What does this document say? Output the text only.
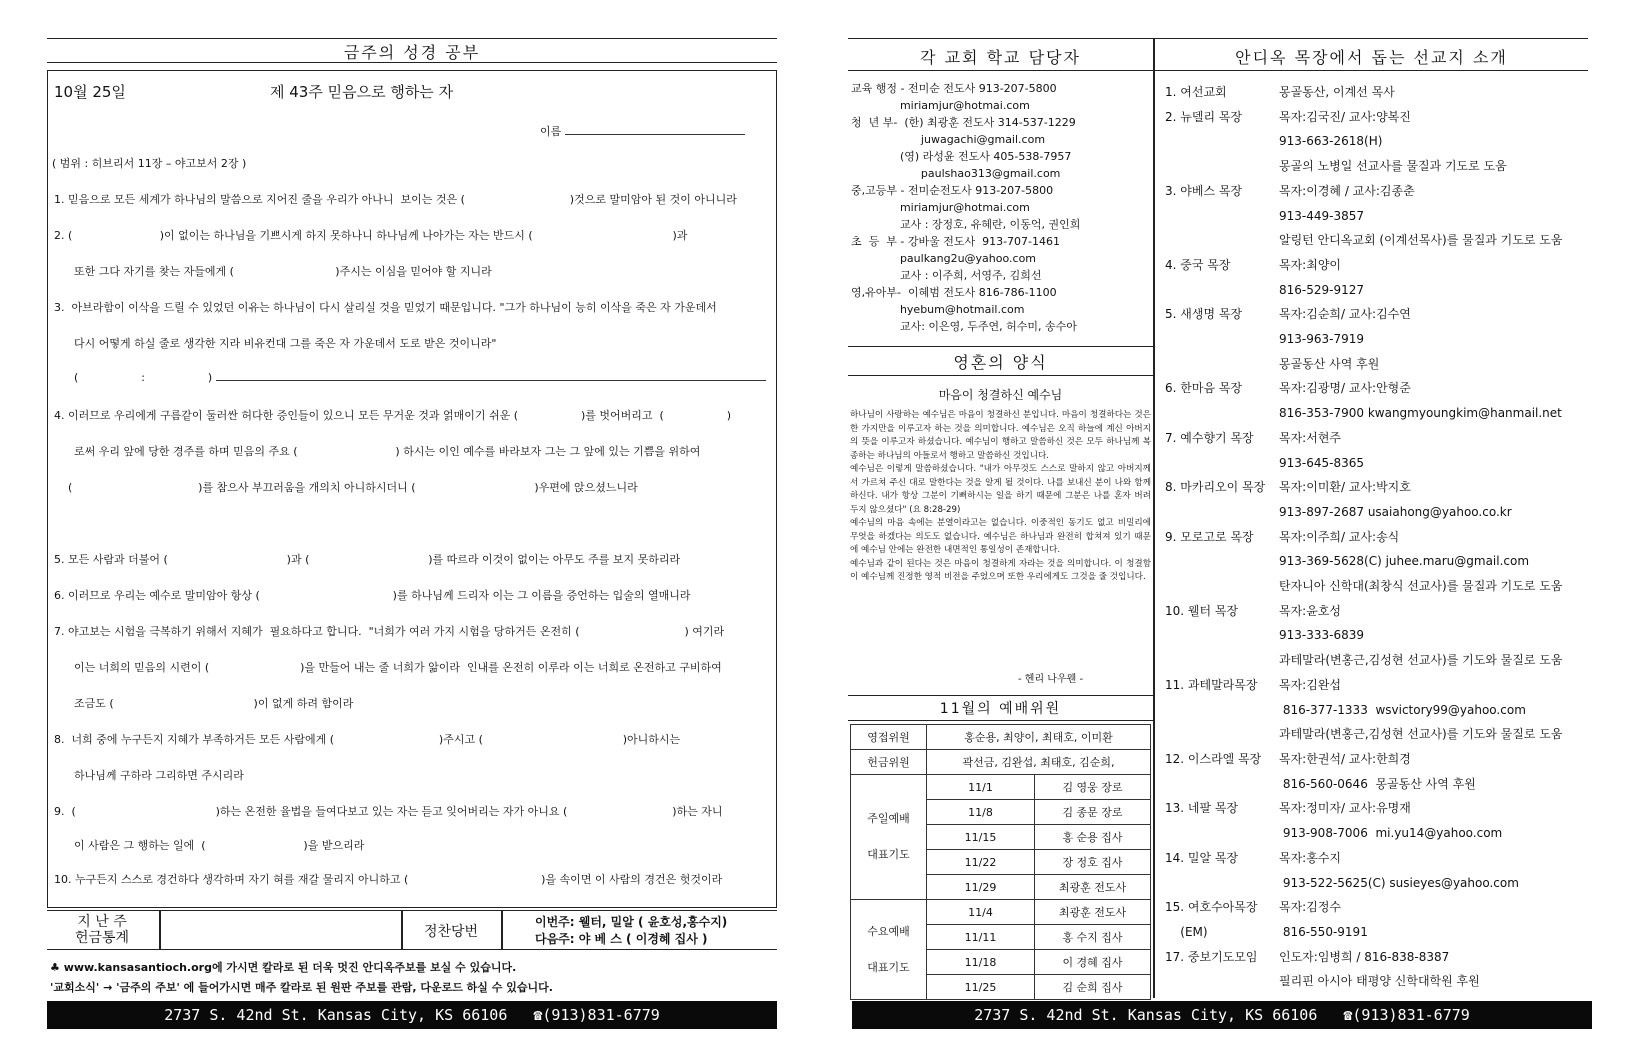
금주의 성경 공부
10월 25일	제 43주 믿음으로 행하는 자
이름
( 범위 : 히브리서 11장 – 야고보서 2장 )
1. 믿음으로 모든 세계가 하나님의 말씀으로 지어진 줄을 우리가 아나니  보이는 것은 (                              )것으로 말미암아 된 것이 아니니라
2. (                         )이 없이는 하나님을 기쁘시게 하지 못하나니 하나님께 나아가는 자는 반드시 (                                        )과
또한 그다 자기를 찾는 자들에게 (                             )주시는 이심을 믿어야 할 지니라
3.  아브라함이 이삭을 드릴 수 있었던 이유는 하나님이 다시 살리실 것을 믿었기 때문입니다. "그가 하나님이 능히 이삭을 죽은 자 가운데서
다시 어떻게 하실 줄로 생각한 지라 비유컨대 그를 죽은 자 가운데서 도로 받은 것이니라"
(                  :                  )
4. 이러므로 우리에게 구름같이 둘러싼 허다한 증인들이 있으니 모든 무거운 것과 얽매이기 쉬운 (                  )를 벗어버리고  (                  )
로써 우리 앞에 당한 경주를 하며 믿음의 주요 (                            ) 하시는 이인 예수를 바라보자 그는 그 앞에 있는 기쁨을 위하여
(                                    )를 참으사 부끄러움을 개의치 아니하시더니 (                                  )우편에 앉으셨느니라
5. 모든 사람과 더불어 (                                  )과 (                                  )를 따르라 이것이 없이는 아무도 주를 보지 못하리라
6. 이러므로 우리는 예수로 말미암아 항상 (                                      )를 하나님께 드리자 이는 그 이름을 증언하는 입술의 열매니라
7. 야고보는 시험을 극복하기 위해서 지혜가  필요하다고 합니다.  "너희가 여러 가지 시험을 당하거든 온전히 (                              ) 여기라
이는 너희의 믿음의 시련이 (                          )을 만들어 내는 줄 너희가 앎이라  인내를 온전히 이루라 이는 너희로 온전하고 구비하여
조금도 (                                        )이 없게 하려 함이라
8.  너희 중에 누구든지 지혜가 부족하거든 모든 사람에게 (                              )주시고 (                                        )아니하시는
하나님께 구하라 그리하면 주시리라
9.  (                                        )하는 온전한 율법을 들여다보고 있는 자는 듣고 잊어버리는 자가 아니요 (                              )하는 자니
이 사람은 그 행하는 일에  (                            )을 받으리라
10. 누구든지 스스로 경건하다 생각하며 자기 혀를 재갈 물리지 아니하고 (                                      )을 속이면 이 사람의 경건은 헛것이라
지 난 주
헌금통계	정찬당번
이번주: 웰터, 밀알 ( 윤호성,홍수지)
다음주: 야 베 스 ( 이경혜 집사 )
♣ www.kansasantioch.org에 가시면 칼라로 된 더욱 멋진 안디옥주보를 보실 수 있습니다.
'교회소식' → '금주의 주보' 에 들어가시면 매주 칼라로 된 원판 주보를 관람, 다운로드 하실 수 있습니다.
2737 S. 42nd St. Kansas City, KS 66106 ☎(913)831-6779
각 교회 학교 담당자
교육 행정 - 전미순 전도사 913-207-5800
miriamjur@hotmai.com
청  년 부-  (한) 최광훈 전도사 314-537-1229
juwagachi@gmail.com
(영) 라성윤 전도사 405-538-7957
paulshao313@gmail.com
중,고등부 - 전미순전도사 913-207-5800
miriamjur@hotmai.com
교사 : 장정호, 유혜란, 이동억, 권인희
초  등  부 - 강바울 전도사  913-707-1461
paulkang2u@yahoo.com
교사 : 이주희, 서영주, 김희선
영,유아부-  이혜범 전도사 816-786-1100
hyebum@hotmail.com
교사: 이은영, 두주연, 허수미, 송수아
영혼의 양식
마음이 청결하신 예수님
하나님이 사랑하는 예수님은 마음이 청결하신 분입니다. 마음이 청결하다는 것은 한 가지만을 이루고자 하는 것을 의미합니다. 예수님은 오직 하늘에 계신 아버지의 뜻을 이루고자 하셨습니다. 예수님이 행하고 말씀하신 것은 모두 하나님께 복종하는 하나님의 아들로서 행하고 말씀하신 것입니다.
예수님은 이렇게 말씀하셨습니다. "내가 아무것도 스스로 말하지 않고 아버지께서 가르쳐 주신 대로 말한다는 것을 알게 될 것이다. 나를 보내신 분이 나와 함께 하신다. 내가 항상 그분이 기뻐하시는 일을 하기 때문에 그분은 나를 혼자 버려 두지 않으셨다" (요 8:28-29)
예수님의 마음 속에는 분열이라고는 없습니다. 이중적인 동기도 없고 비밀리에 무엇을 하겠다는 의도도 없습니다. 예수님은 하나님과 완전히 합쳐져 있기 때문에 예수님 안에는 완전한 내면적인 통일성이 존재합니다.
예수님과 같이 된다는 것은 마음이 청결하게 자라는 것을 의미합니다. 이 청결함이 예수님께 진정한 영적 비전을 주었으며 또한 우리에게도 그것을 줄 것입니다.
- 헨리 나우웬 -
11월의 예배위원
영접위원	홍순용, 최양이, 최태호, 이미환	
헌금위원	곽선금, 김완섭, 최태호, 김순희,	

주일예배
대표기도	11/1	김 영웅 장로
	11/8	김 종문 장로
	11/15	홍 순용 집사
	11/22	장 정호 집사
	11/29	최광훈 전도사

수요예배
대표기도	11/4	최광훈 전도사
	11/11	홍 수지 집사
	11/18	이 경혜 집사
	11/25	김 순희 집사
안디옥 목장에서 돕는 선교지 소개
1. 여선교회	몽골동산, 이계선 목사
2. 뉴델리 목장	목자:김국진/ 교사:양복진
913-663-2618(H)
몽골의 노병일 선교사를 물질과 기도로 도움
3. 야베스 목장	목자:이경혜 / 교사:김종춘
913-449-3857
알링턴 안디옥교회 (이계선목사)를 물질과 기도로 도움
4. 중국 목장	목자:최양이
816-529-9127
5. 새생명 목장	목자:김순희/ 교사:김수연
913-963-7919
몽골동산 사역 후원
6. 한마음 목장	목자:김광명/ 교사:안형준
816-353-7900 kwangmyoungkim@hanmail.net
7. 예수향기 목장 목자:서현주
913-645-8365
8. 마카리오이 목장 목자:이미환/ 교사:박지호
913-897-2687 usaiahong@yahoo.co.kr
9. 모로고로 목장 목자:이주희/ 교사:송식
913-369-5628(C) juhee.maru@gmail.com
탄자니아 신학대(최창식 선교사)를 물질과 기도로 도움
10. 웰터 목장	목자:윤호성
913-333-6839
과테말라(변홍근,김성현 선교사)를 기도와 물질로 도움
11. 과테말라목장 목자:김완섭
816-377-1333  wsvictory99@yahoo.com
과테말라(변홍근,김성현 선교사)를 기도와 물질로 도움
12. 이스라엘 목장 목자:한권석/ 교사:한희경
816-560-0646  몽골동산 사역 후원
13. 네팔 목장	목자:정미자/ 교사:유명재
913-908-7006  mi.yu14@yahoo.com
14. 밀알 목장	목자:홍수지
913-522-5625(C) susieyes@yahoo.com
15. 여호수아목장 목자:김정수
(EM)	816-550-9191
17. 중보기도모임 인도자:임병희 / 816-838-8387
필리핀 아시아 태평양 신학대학원 후원
2737 S. 42nd St. Kansas City, KS 66106 ☎(913)831-6779
